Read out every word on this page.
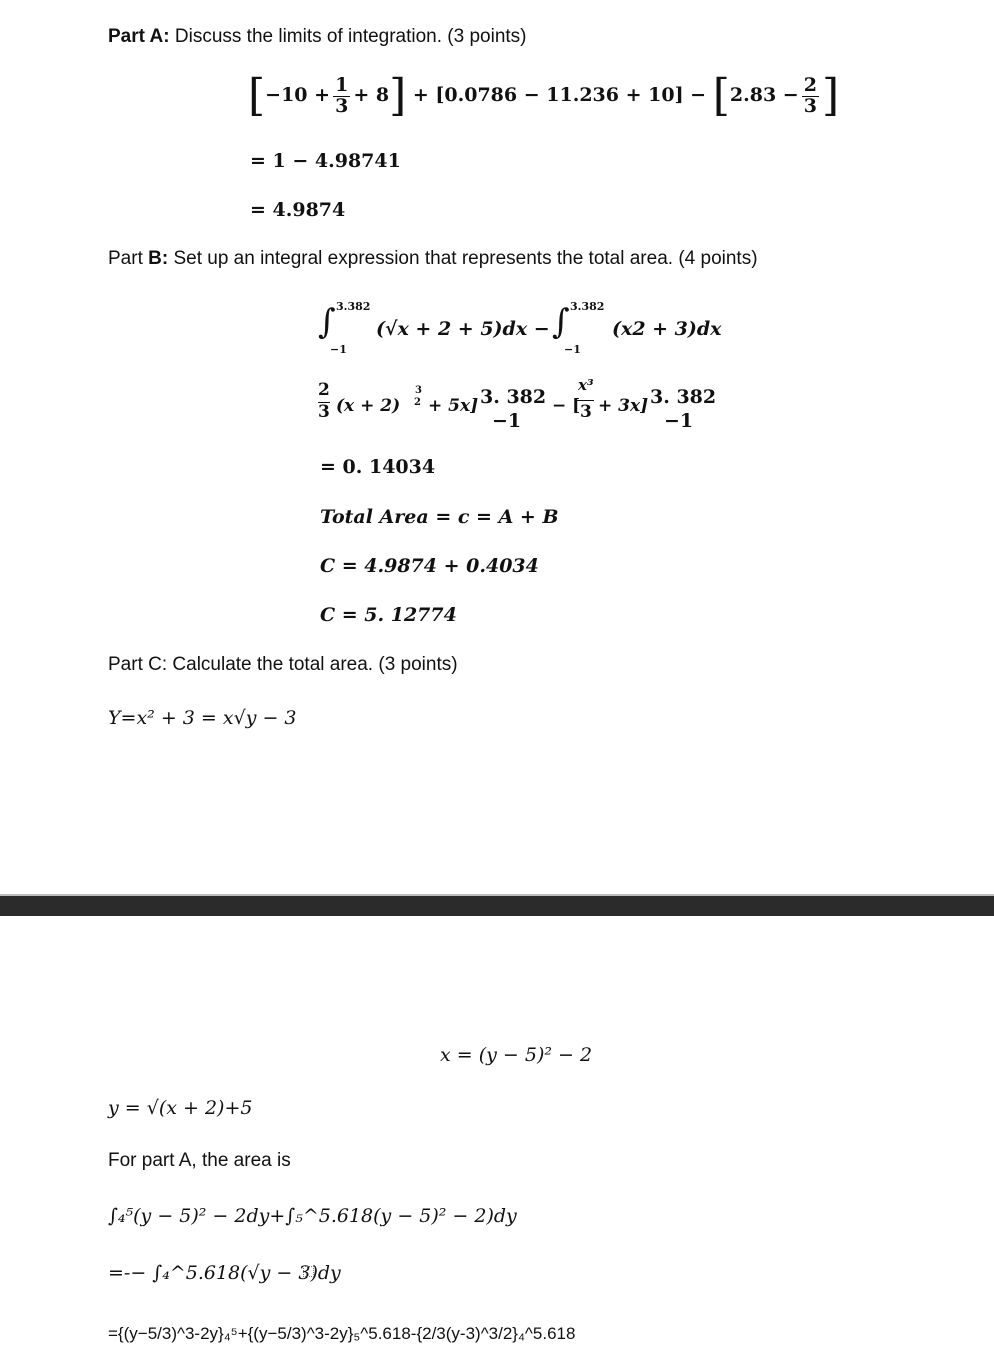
Part A: Discuss the limits of integration. (3 points)
$[-10 + \frac{1}{3} + 8] + [0.0786 - 11.236 + 10] - [2.83 - \frac{2}{3}$ ]
= 1 − 4.98741
= 4.9874
Part B: Set up an integral expression that represents the total area. (4 points)
∫ 3.382
−1
(√x + 2 + 5)dx − ∫ 3.382
−1
(x2 + 3)dx
2
3 (x + 2)
3
2 + 5x] 3. 382
−1
− [
x³
3 + 3x] 3. 382
−1
= 0. 14034
Total Area = c = A + B
C = 4.9874 + 0.4034
C = 5. 12774
Part C: Calculate the total area. (3 points)
Y=x² + 3 = x√y − 3
x = (y − 5)² − 2
y = √(x + 2)+5
For part A, the area is
∫₄⁵(y − 5)² − 2dy+∫₅^5.618(y − 5)² − 2)dy
=-− ∫₄^5.618(√y − 3)dy
={(y−5/3)^3-2y}₄⁵+{(y−5/3)^3-2y}₅^5.618-{2/3(y-3)^3/2}₄^5.618
